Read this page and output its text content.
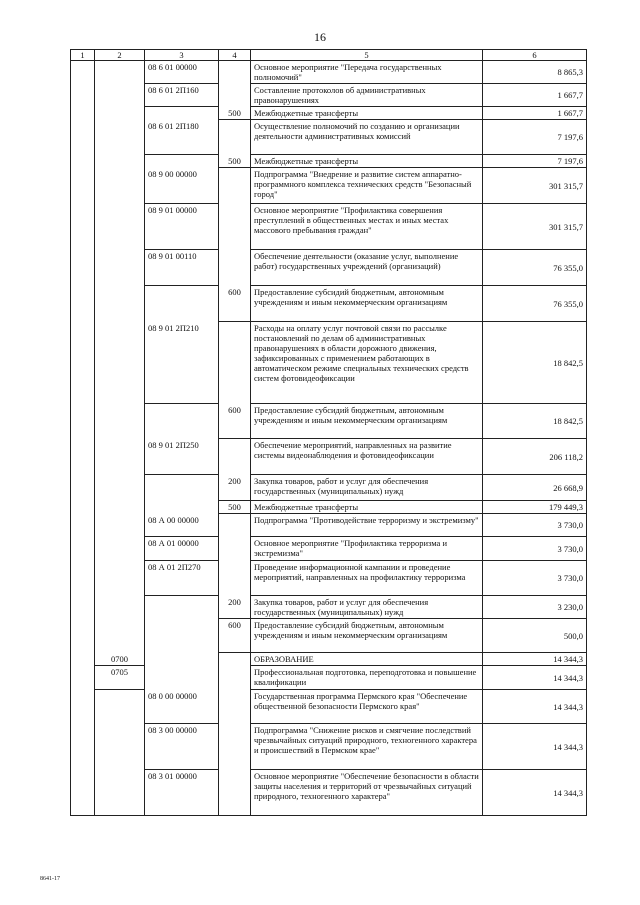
16
1	2	3	4	5	6
		08 6 01 00000		Основное мероприятие "Передача государственных полномочий"	8 865,3
		08 6 01 2П160		Составление протоколов об административных правонарушениях	1 667,7
			500	Межбюджетные трансферты	1 667,7
		08 6 01 2П180		Осуществление полномочий по созданию и организации деятельности административных комиссий	7 197,6
			500	Межбюджетные трансферты	7 197,6
		08 9 00 00000		Подпрограмма "Внедрение и развитие систем аппаратно-программного комплекса технических средств "Безопасный город"	301 315,7
		08 9 01 00000		Основное мероприятие "Профилактика совершения преступлений в общественных местах и иных местах массового пребывания граждан"	301 315,7
		08 9 01 00110		Обеспечение деятельности (оказание услуг, выполнение работ) государственных учреждений (организаций)	76 355,0
			600	Предоставление субсидий бюджетным, автономным учреждениям и иным некоммерческим организациям	76 355,0
		08 9 01 2П210		Расходы на оплату услуг почтовой связи по рассылке постановлений по делам об административных правонарушениях в области дорожного движения, зафиксированных с применением работающих в автоматическом режиме специальных технических средств систем фотовидеофиксации	18 842,5
			600	Предоставление субсидий бюджетным, автономным учреждениям и иным некоммерческим организациям	18 842,5
		08 9 01 2П250		Обеспечение мероприятий, направленных на развитие системы видеонаблюдения и фотовидеофиксации	206 118,2
			200	Закупка товаров, работ и услуг для обеспечения государственных (муниципальных) нужд	26 668,9
			500	Межбюджетные трансферты	179 449,3
		08 А 00 00000		Подпрограмма "Противодействие терроризму и экстремизму"	3 730,0
		08 А 01 00000		Основное мероприятие "Профилактика терроризма и экстремизма"	3 730,0
		08 А 01 2П270		Проведение информационной кампании и проведение мероприятий, направленных на профилактику терроризма	3 730,0
			200	Закупка товаров, работ и услуг для обеспечения государственных (муниципальных) нужд	3 230,0
			600	Предоставление субсидий бюджетным, автономным учреждениям и иным некоммерческим организациям	500,0
	0700			ОБРАЗОВАНИЕ	14 344,3
	0705			Профессиональная подготовка, переподготовка и повышение квалификации	14 344,3
		08 0 00 00000		Государственная программа Пермского края "Обеспечение общественной безопасности Пермского края"	14 344,3
		08 3 00 00000		Подпрограмма "Снижение рисков и смягчение последствий чрезвычайных ситуаций природного, техногенного характера и происшествий в Пермском крае"	14 344,3
		08 3 01 00000		Основное мероприятие "Обеспечение безопасности в области защиты населения и территорий от чрезвычайных ситуаций природного, техногенного характера"	14 344,3
8641-17
